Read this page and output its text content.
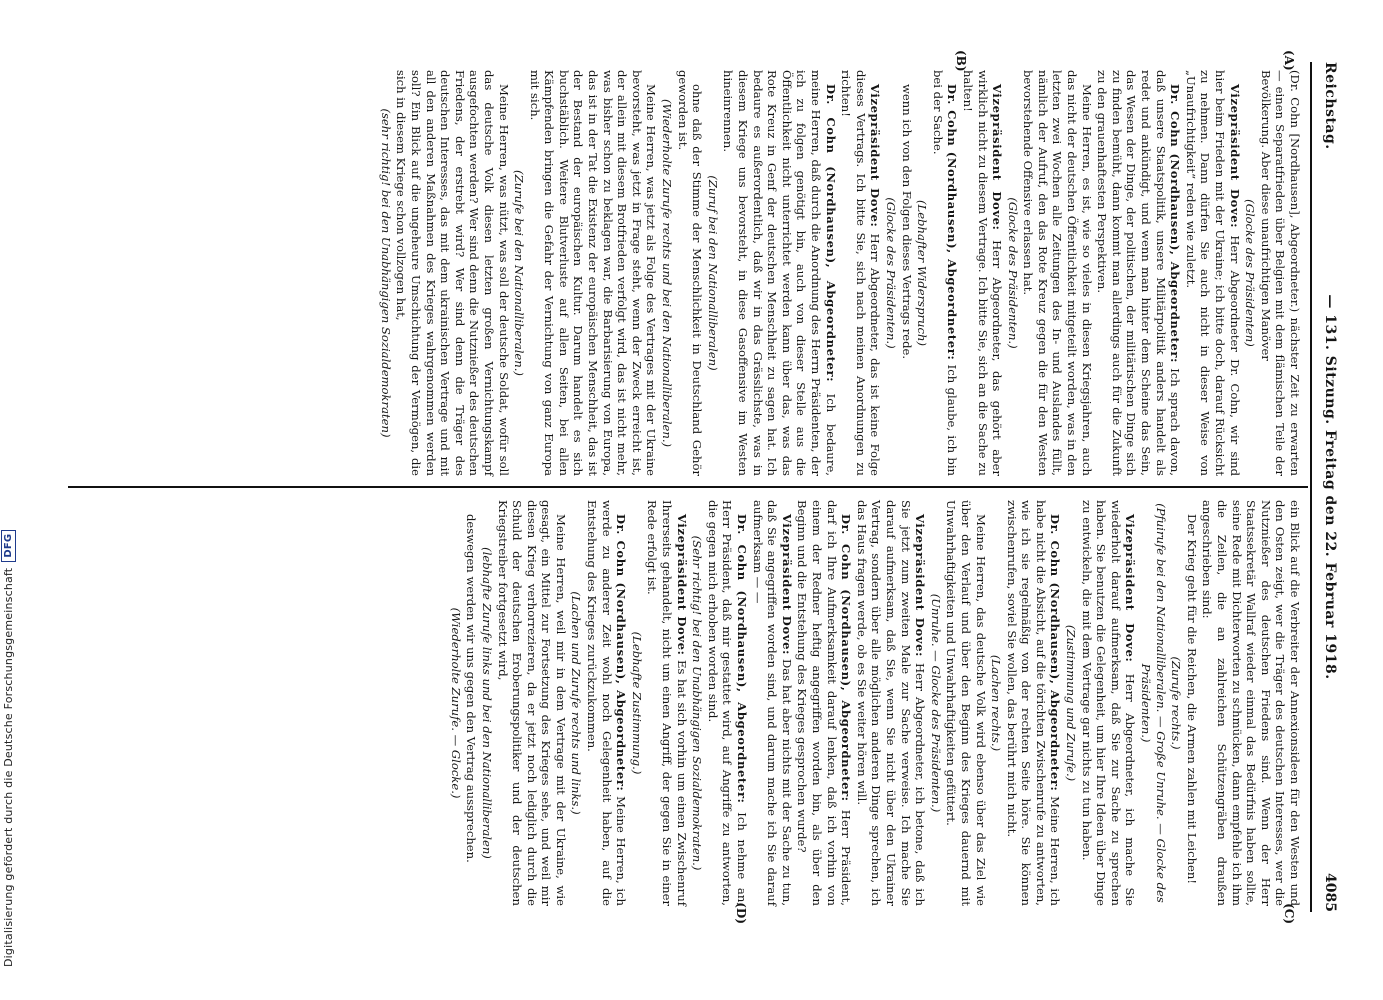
Digitalisierung gefördert durch die Deutsche Forschungsgemeinschaft
DFG
Reichstag.
— 131. Sitzung. Freitag den 22. Februar 1918.
4085
(A)
(B)
(C)
(D)

(Dr. Cohn [Nordhausen], Abgeordneter.) nächster Zeit zu erwarten — einen Separatfrieden über Belgien mit dem flämischen Teile der Bevölkerung. Aber diese unaufrichtigen Manöver

(Glocke des Präsidenten)

Vizepräsident Dove: Herr Abgeordneter Dr. Cohn, wir sind hier beim Frieden mit der Ukraine; ich bitte doch, darauf Rücksicht zu nehmen. Dann dürfen Sie auch nicht in dieser Weise von „Unaufrichtigkeit“ reden wie zuletzt.

Dr. Cohn (Nordhausen), Abgeordneter: Ich sprach davon, daß unsere Staatspolitik, unsere Militärpolitik anders handelt als redet und ankündigt, und wenn man hinter dem Scheine das Sein, das Wesen der Dinge, der politischen, der militärischen Dinge sich zu finden bemüht, dann kommt man allerdings auch für die Zukunft zu den grauenhaftesten Perspektiven.

Meine Herren, es ist, wie so vieles in diesen Kriegsjahren, auch das nicht der deutschen Öffentlichkeit mitgeteilt worden, was in den letzten zwei Wochen alle Zeitungen des In- und Auslandes füllt, nämlich der Aufruf, den das Rote Kreuz gegen die für den Westen bevorstehende Offensive erlassen hat.

(Glocke des Präsidenten.)

Vizepräsident Dove: Herr Abgeordneter, das gehört aber wirklich nicht zu diesem Vertrage. Ich bitte Sie, sich an die Sache zu halten!

Dr. Cohn (Nordhausen), Abgeordneter: Ich glaube, ich bin bei der Sache.

(Lebhafter Widerspruch)

wenn ich von den Folgen dieses Vertrags rede.

(Glocke des Präsidenten.)

Vizepräsident Dove: Herr Abgeordneter, das ist keine Folge dieses Vertrags. Ich bitte Sie, sich nach meinen Anordnungen zu richten!

Dr. Cohn (Nordhausen), Abgeordneter: Ich bedaure, meine Herren, daß durch die Anordnung des Herrn Präsidenten, der ich zu folgen genötigt bin, auch von dieser Stelle aus die Öffentlichkeit nicht unterrichtet werden kann über das, was das Rote Kreuz in Genf der deutschen Menschheit zu sagen hat. Ich bedaure es außerordentlich, daß wir in das Grässlichste, was in diesem Kriege uns bevorsteht, in diese Gasoffensive im Westen hineinrennen.

(Zuruf bei den Nationalliberalen)

ohne daß der Stimme der Menschlichkeit in Deutschland Gehör geworden ist.

(Wiederholte Zurufe rechts und bei den Nationalliberalen.)

Meine Herren, was jetzt als Folge des Vertrages mit der Ukraine bevorsteht, was jetzt in Frage steht, wenn der Zweck erreicht ist, der allein mit diesem Brotfrieden verfolgt wird, das ist nicht mehr, was bisher schon zu beklagen war, die Barbarisierung von Europa, das ist in der Tat die Existenz der europäischen Menschheit, das ist der Bestand der europäischen Kultur. Darum handelt es sich buchstäblich. Weitere Blutverluste auf allen Seiten, bei allen Kämpfenden bringen die Gefahr der Vernichtung von ganz Europa mit sich.

(Zurufe bei den Nationalliberalen.)

Meine Herren, was nützt, was soll der deutsche Soldat, wofür soll das deutsche Volk diesen letzten großen Vernichtungskampf ausgefochten werden? Wer sind denn die Nutznießer des deutschen Friedens, der erstrebt wird? Wer sind denn die Träger des deutschen Interesses, das mit dem ukrainischen Vertrage und mit all den anderen Maßnahmen des Krieges wahrgenommen werden soll? Ein Blick auf die ungeheure Umschichtung der Vermögen, die sich in diesem Kriege schon vollzogen hat,

(sehr richtig! bei den Unabhängigen Sozialdemokraten)

ein Blick auf die Verbreiter der Annexionsideen für den Westen und den Osten zeigt, wer die Träger des deutschen Interesses, wer die Nutznießer des deutschen Friedens sind. Wenn der Herr Staatssekretär Wallraf wieder einmal das Bedürfnis haben sollte, seine Rede mit Dichterworten zu schmücken, dann empfehle ich ihm die Zeilen, die an zahlreichen Schützengräben draußen angeschrieben sind:

Der Krieg geht für die Reichen, die Armen zahlen mit Leichen!

(Zurufe rechts.)

(Pfuirufe bei den Nationalliberalen. — Große Unruhe. — Glocke des Präsidenten.)

Vizepräsident Dove: Herr Abgeordneter, ich mache Sie wiederholt darauf aufmerksam, daß Sie zur Sache zu sprechen haben. Sie benutzen die Gelegenheit, um hier Ihre Ideen über Dinge zu entwickeln, die mit dem Vertrage gar nichts zu tun haben.

(Zustimmung und Zurufe.)

Dr. Cohn (Nordhausen), Abgeordneter: Meine Herren, ich habe nicht die Absicht, auf die törichten Zwischenrufe zu antworten, wie ich sie regelmäßig von der rechten Seite höre. Sie können zwischenrufen, soviel Sie wollen, das berührt mich nicht.

(Lachen rechts.)

Meine Herren, das deutsche Volk wird ebenso über das Ziel wie über den Verlauf und über den Beginn des Krieges dauernd mit Unwahrhaftigkeiten und Unwahrhaftigkeiten gefüttert.

(Unruhe. — Glocke des Präsidenten.)

Vizepräsident Dove: Herr Abgeordneter, ich betone, daß ich Sie jetzt zum zweiten Male zur Sache verweise. Ich mache Sie darauf aufmerksam, daß Sie, wenn Sie nicht über den Ukrainer Vertrag, sondern über alle möglichen anderen Dinge sprechen, ich das Haus fragen werde, ob es Sie weiter hören will.

Dr. Cohn (Nordhausen), Abgeordneter: Herr Präsident, darf ich Ihre Aufmerksamkeit darauf lenken, daß ich vorhin von einem der Redner heftig angegriffen worden bin, als über den Beginn und die Entstehung des Krieges gesprochen wurde?

Vizepräsident Dove: Das hat aber nichts mit der Sache zu tun, daß Sie angegriffen worden sind, und darum mache ich Sie darauf aufmerksam — —

Dr. Cohn (Nordhausen), Abgeordneter: Ich nehme an, Herr Präsident, daß mir gestattet wird, auf Angriffe zu antworten, die gegen mich erhoben worden sind.

(Sehr richtig! bei den Unabhängigen Sozialdemokraten.)

Vizepräsident Dove: Es hat sich vorhin um einen Zwischenruf Ihrerseits gehandelt, nicht um einen Angriff, der gegen Sie in einer Rede erfolgt ist.

(Lebhafte Zustimmung.)

Dr. Cohn (Nordhausen), Abgeordneter: Meine Herren, ich werde zu anderer Zeit wohl noch Gelegenheit haben, auf die Entstehung des Krieges zurückzukommen.

(Lachen und Zurufe rechts und links.)

Meine Herren, weil mir in dem Vertrage mit der Ukraine, wie gesagt, ein Mittel zur Fortsetzung des Krieges sehe, und weil mir diesen Krieg verhorrezieren, da er jetzt noch lediglich durch die Schuld der deutschen Eroberungspolitiker und der deutschen Kriegstreiber fortgesetzt wird,

(lebhafte Zurufe links und bei den Nationalliberalen)

deswegen werden wir uns gegen den Vertrag aussprechen.

(Wiederholte Zurufe. — Glocke.)
